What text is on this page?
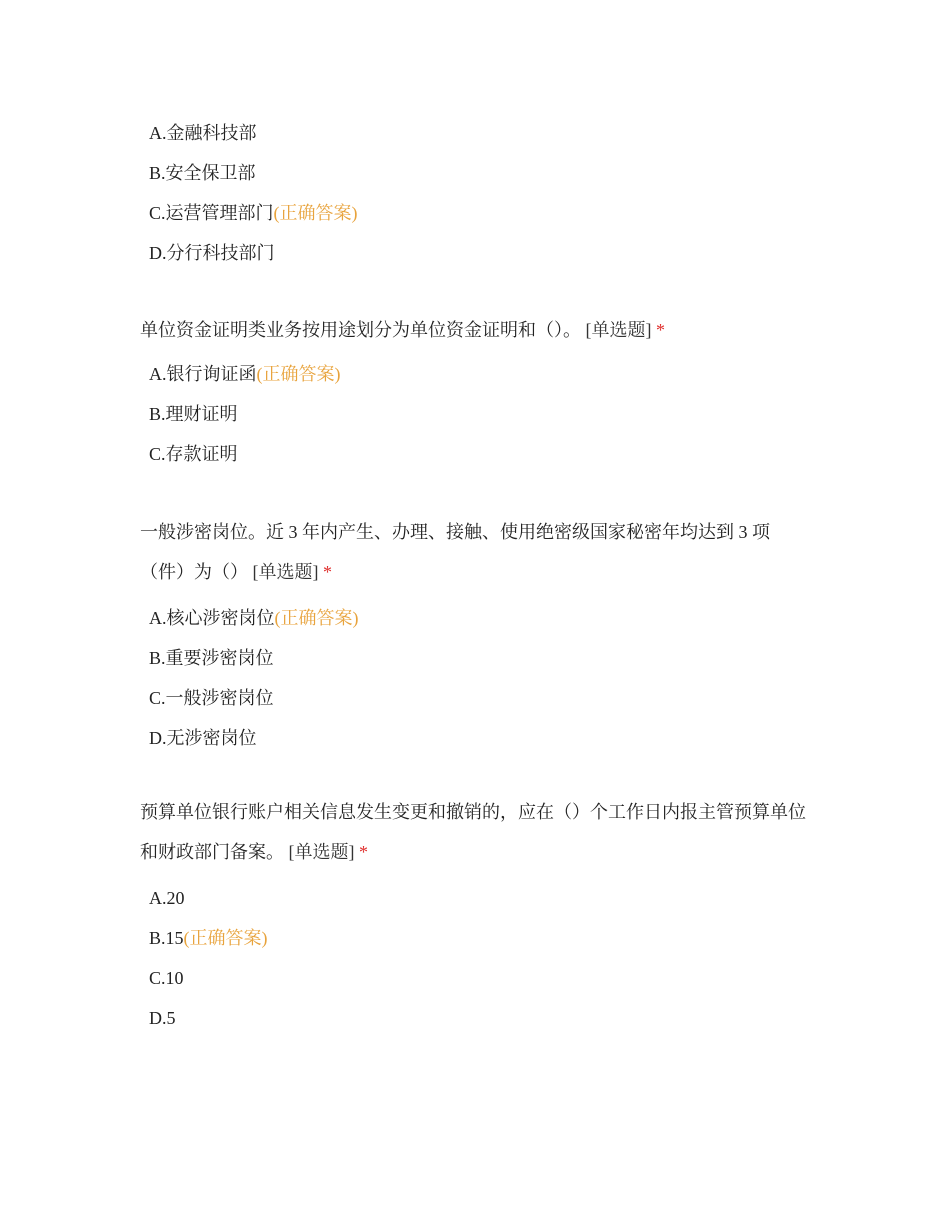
A.金融科技部
B.安全保卫部
C.运营管理部门(正确答案)
D.分行科技部门

单位资金证明类业务按用途划分为单位资金证明和（）。 [单选题] *

A.银行询证函(正确答案)
B.理财证明
C.存款证明

一般涉密岗位。近 3 年内产生、办理、接触、使用绝密级国家秘密年均达到 3 项（件）为（） [单选题] *

A.核心涉密岗位(正确答案)
B.重要涉密岗位
C.一般涉密岗位
D.无涉密岗位

预算单位银行账户相关信息发生变更和撤销的，应在（）个工作日内报主管预算单位和财政部门备案。 [单选题] *

A.20
B.15(正确答案)
C.10
D.5
